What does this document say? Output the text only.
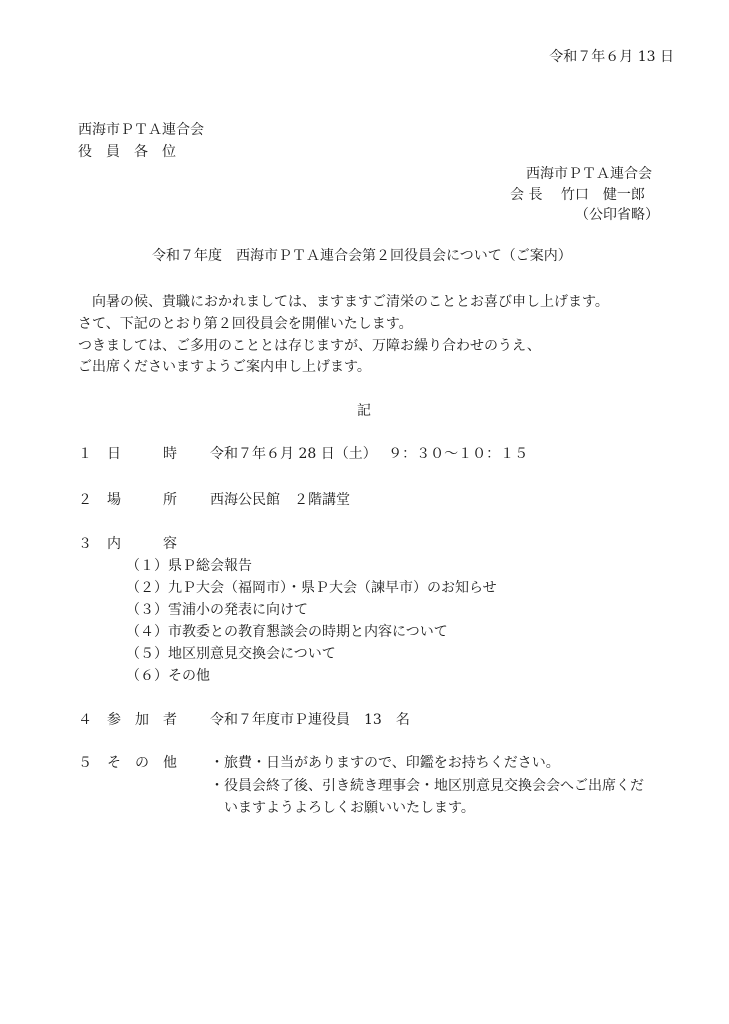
令和７年６月 13 日
西海市ＰＴＡ連合会
役　員　各　位
西海市ＰＴＡ連合会
会 長　 竹口　健一郎
（公印省略）
令和７年度　西海市ＰＴＡ連合会第２回役員会について（ご案内）
向暑の候、貴職におかれましては、ますますご清栄のこととお喜び申し上げます。
さて、下記のとおり第２回役員会を開催いたします。
つきましては、ご多用のこととは存じますが、万障お繰り合わせのうえ、
ご出席くださいますようご案内申し上げます。
記
１ 日　　　時 令和７年６月 28 日（土）　 ９：３０～１０：１５
２ 場　　　所 西海公民館　２階講堂
３ 内　　　容
（１）県Ｐ総会報告
（２）九Ｐ大会（福岡市）・県Ｐ大会（諫早市）のお知らせ
（３）雪浦小の発表に向けて
（４）市教委との教育懇談会の時期と内容について
（５）地区別意見交換会について
（６）その他
４ 参　加　者 令和７年度市Ｐ連役員　13　名
５ そ　の　他 ・旅費・日当がありますので、印鑑をお持ちください。
・役員会終了後、引き続き理事会・地区別意見交換会会へご出席くだ
　いますようよろしくお願いいたします。
